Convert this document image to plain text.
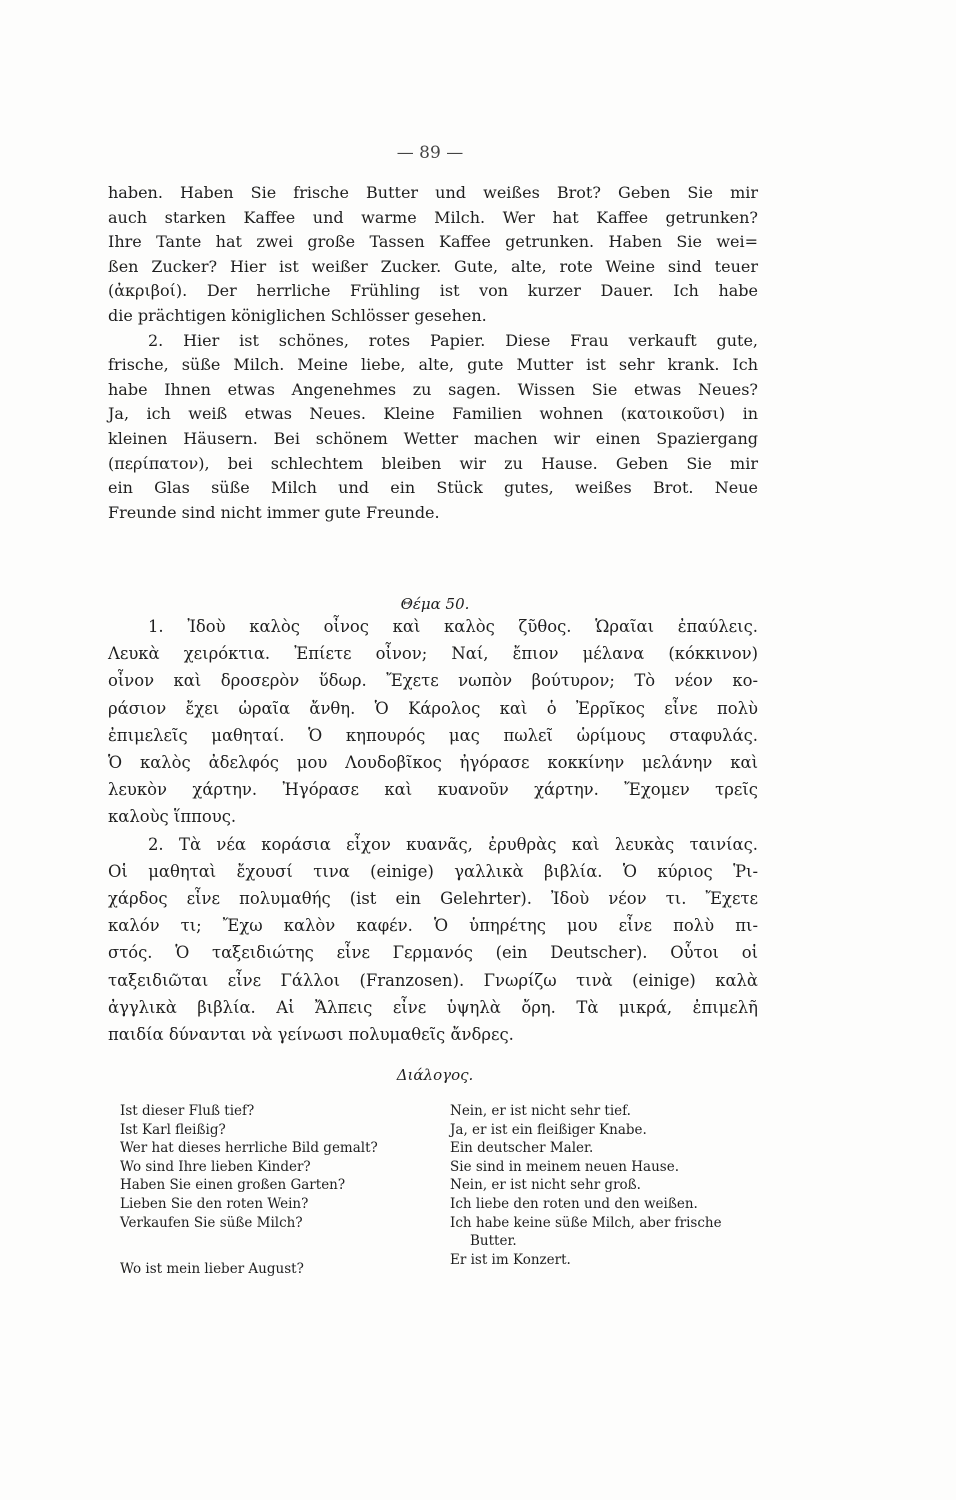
— 89 —
haben. Haben Sie frische Butter und weißes Brot? Geben Sie mir
auch starken Kaffee und warme Milch. Wer hat Kaffee getrunken?
Ihre Tante hat zwei große Tassen Kaffee getrunken. Haben Sie wei=
ßen Zucker? Hier ist weißer Zucker. Gute, alte, rote Weine sind teuer
(ἀκριβοί). Der herrliche Frühling ist von kurzer Dauer. Ich habe
die prächtigen königlichen Schlösser gesehen.
2. Hier ist schönes, rotes Papier. Diese Frau verkauft gute,
frische, süße Milch. Meine liebe, alte, gute Mutter ist sehr krank. Ich
habe Ihnen etwas Angenehmes zu sagen. Wissen Sie etwas Neues?
Ja, ich weiß etwas Neues. Kleine Familien wohnen (κατοικοῦσι) in
kleinen Häusern. Bei schönem Wetter machen wir einen Spaziergang
(περίπατον), bei schlechtem bleiben wir zu Hause. Geben Sie mir
ein Glas süße Milch und ein Stück gutes, weißes Brot. Neue
Freunde sind nicht immer gute Freunde.
Θέμα 50.
1. Ἰδοὺ καλὸς οἶνος καὶ καλὸς ζῦθος. Ὡραῖαι ἐπαύλεις.
Λευκὰ χειρόκτια. Ἐπίετε οἶνον; Ναί, ἔπιον μέλανα (κόκκινον)
οἶνον καὶ δροσερὸν ὕδωρ. Ἔχετε νωπὸν βούτυρον; Τὸ νέον κο-
ράσιον ἔχει ὡραῖα ἄνθη. Ὁ Κάρολος καὶ ὁ Ἐρρῖκος εἶνε πολὺ
ἐπιμελεῖς μαθηταί. Ὁ κηπουρός μας πωλεῖ ὡρίμους σταφυλάς.
Ὁ καλὸς ἀδελφός μου Λουδοβῖκος ἠγόρασε κοκκίνην μελάνην καὶ
λευκὸν χάρτην. Ἠγόρασε καὶ κυανοῦν χάρτην. Ἔχομεν τρεῖς
καλοὺς ἵππους.
2. Τὰ νέα κοράσια εἶχον κυανᾶς, ἐρυθρὰς καὶ λευκὰς ταινίας.
Οἱ μαθηταὶ ἔχουσί τινα (einige) γαλλικὰ βιβλία. Ὁ κύριος Ῥι-
χάρδος εἶνε πολυμαθής (ist ein Gelehrter). Ἰδοὺ νέον τι. Ἔχετε
καλόν τι; Ἔχω καλὸν καφέν. Ὁ ὑπηρέτης μου εἶνε πολὺ πι-
στός. Ὁ ταξειδιώτης εἶνε Γερμανός (ein Deutscher). Οὗτοι οἱ
ταξειδιῶται εἶνε Γάλλοι (Franzosen). Γνωρίζω τινὰ (einige) καλὰ
ἀγγλικὰ βιβλία. Αἱ Ἄλπεις εἶνε ὑψηλὰ ὄρη. Τὰ μικρά, ἐπιμελῆ
παιδία δύνανται νὰ γείνωσι πολυμαθεῖς ἄνδρες.
Διάλογος.
Ist dieser Fluß tief?
Ist Karl fleißig?
Wer hat dieses herrliche Bild gemalt?
Wo sind Ihre lieben Kinder?
Haben Sie einen großen Garten?
Lieben Sie den roten Wein?
Verkaufen Sie süße Milch?
Wo ist mein lieber August?
Nein, er ist nicht sehr tief.
Ja, er ist ein fleißiger Knabe.
Ein deutscher Maler.
Sie sind in meinem neuen Hause.
Nein, er ist nicht sehr groß.
Ich liebe den roten und den weißen.
Ich habe keine süße Milch, aber frische
Butter.
Er ist im Konzert.
